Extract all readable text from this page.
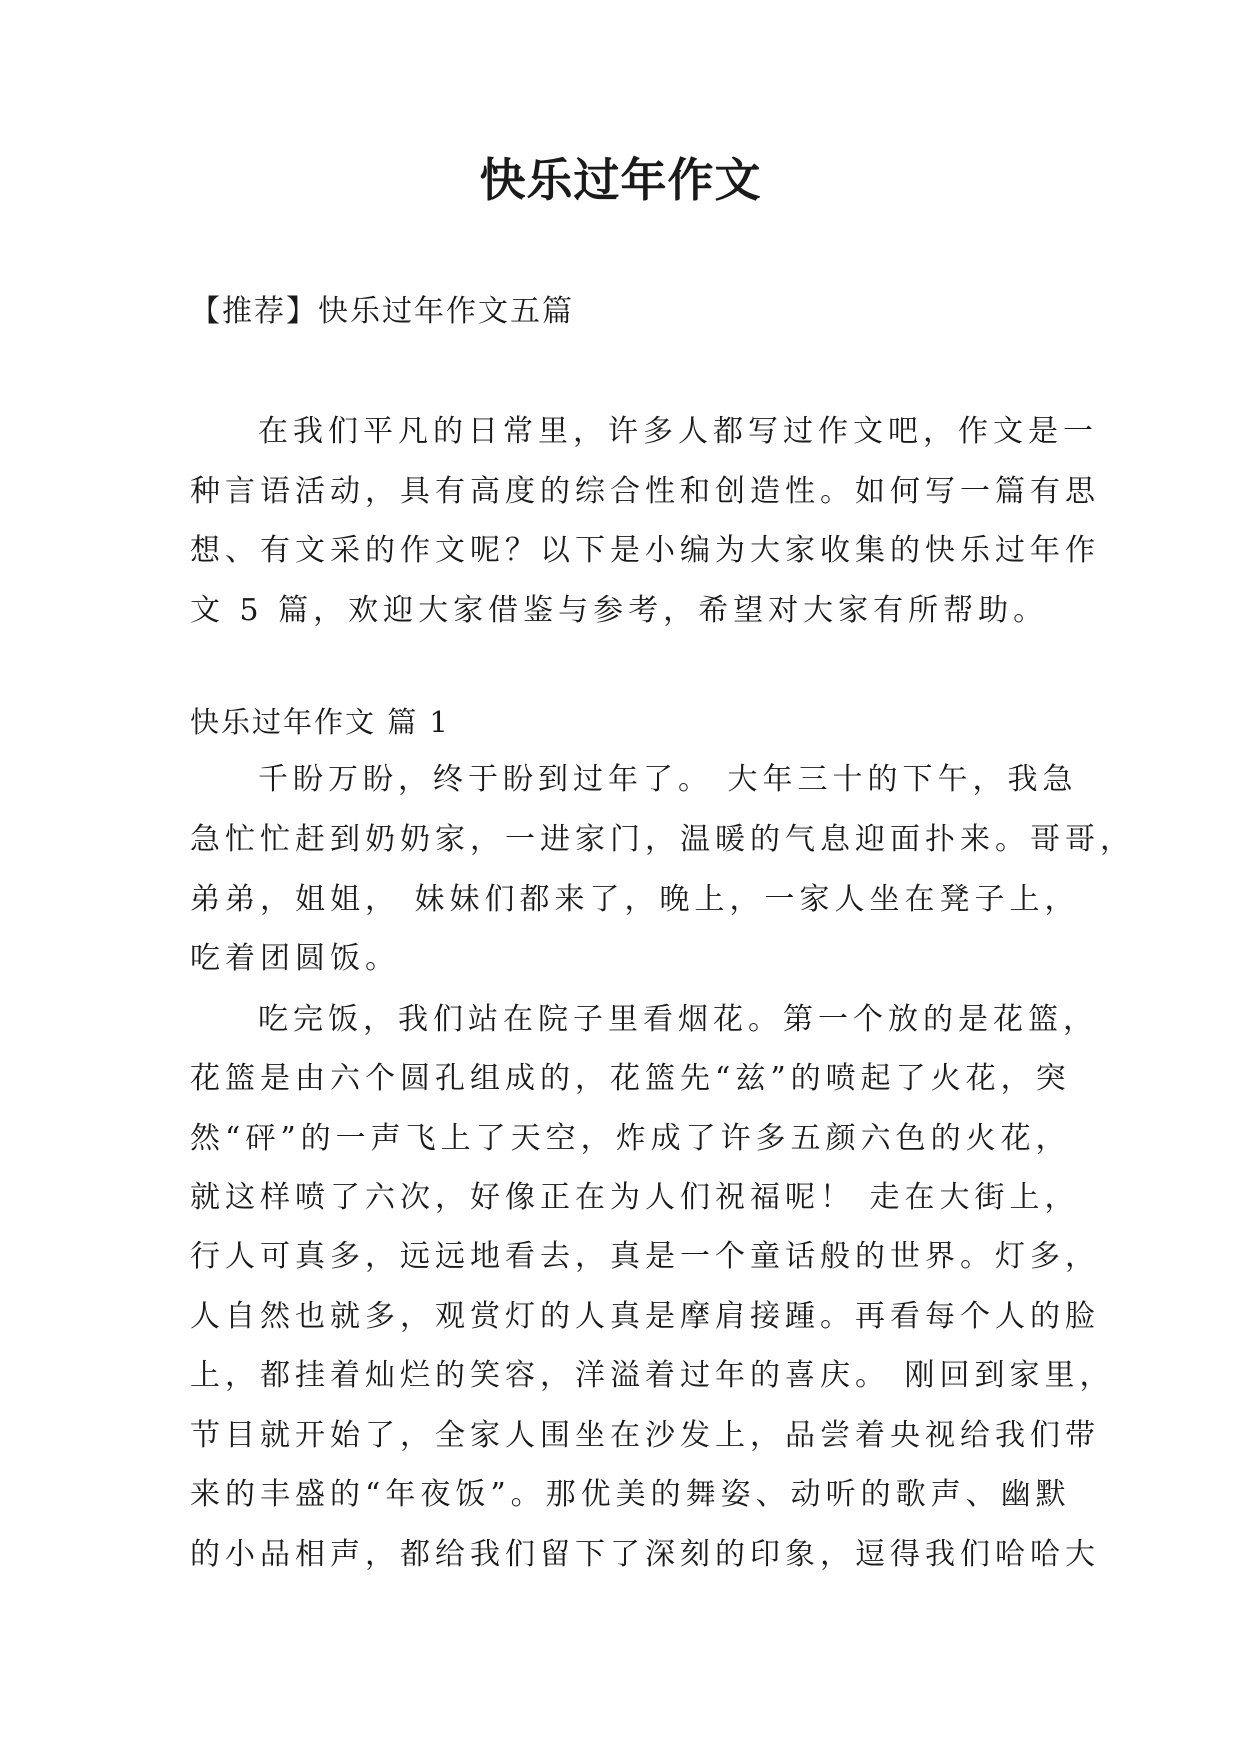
快乐过年作文
【推荐】快乐过年作文五篇
在我们平凡的日常里，许多人都写过作文吧，作文是一
种言语活动，具有高度的综合性和创造性。如何写一篇有思
想、有文采的作文呢？以下是小编为大家收集的快乐过年作
文 5 篇，欢迎大家借鉴与参考，希望对大家有所帮助。
快乐过年作文 篇 1
千盼万盼，终于盼到过年了。 大年三十的下午，我急
急忙忙赶到奶奶家，一进家门，温暖的气息迎面扑来。哥哥，
弟弟，姐姐， 妹妹们都来了，晚上，一家人坐在凳子上，
吃着团圆饭。
吃完饭，我们站在院子里看烟花。第一个放的是花篮，
花篮是由六个圆孔组成的，花篮先“兹”的喷起了火花，突
然“砰”的一声飞上了天空，炸成了许多五颜六色的火花，
就这样喷了六次，好像正在为人们祝福呢！ 走在大街上，
行人可真多，远远地看去，真是一个童话般的世界。灯多，
人自然也就多，观赏灯的人真是摩肩接踵。再看每个人的脸
上，都挂着灿烂的笑容，洋溢着过年的喜庆。 刚回到家里，
节目就开始了，全家人围坐在沙发上，品尝着央视给我们带
来的丰盛的“年夜饭”。那优美的舞姿、动听的歌声、幽默
的小品相声，都给我们留下了深刻的印象，逗得我们哈哈大
